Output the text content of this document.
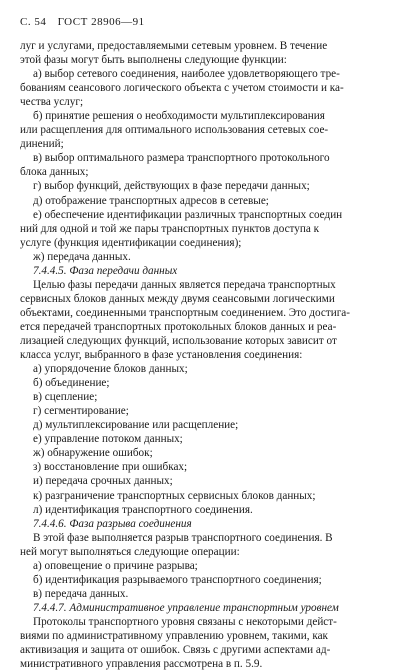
С. 54 ГОСТ 28906—91
луг и услугами, предоставляемыми сетевым уровнем. В течение
этой фазы могут быть выполнены следующие функции:
а) выбор сетевого соединения, наиболее удовлетворяющего тре-
бованиям сеансового логического объекта с учетом стоимости и ка-
чества услуг;
б) принятие решения о необходимости мультиплексирования
или расщепления для оптимального использования сетевых сое-
динений;
в) выбор оптимального размера транспортного протокольного
блока данных;
г) выбор функций, действующих в фазе передачи данных;
д) отображение транспортных адресов в сетевые;
е) обеспечение идентификации различных транспортных соедин
ний для одной и той же пары транспортных пунктов доступа к
услуге (функция идентификации соединения);
ж) передача данных.
7.4.4.5. Фаза передачи данных
Целью фазы передачи данных является передача транспортных
сервисных блоков данных между двумя сеансовыми логическими
объектами, соединенными транспортным соединением. Это достига-
ется передачей транспортных протокольных блоков данных и реа-
лизацией следующих функций, использование которых зависит от
класса услуг, выбранного в фазе установления соединения:
а) упорядочение блоков данных;
б) объединение;
в) сцепление;
г) сегментирование;
д) мультиплексирование или расщепление;
е) управление потоком данных;
ж) обнаружение ошибок;
з) восстановление при ошибках;
и) передача срочных данных;
к) разграничение транспортных сервисных блоков данных;
л) идентификация транспортного соединения.
7.4.4.6. Фаза разрыва соединения
В этой фазе выполняется разрыв транспортного соединения. В
ней могут выполняться следующие операции:
а) оповещение о причине разрыва;
б) идентификация разрываемого транспортного соединения;
в) передача данных.
7.4.4.7. Административное управление транспортным уровнем
Протоколы транспортного уровня связаны с некоторыми дейст-
виями по административному управлению уровнем, такими, как
активизация и защита от ошибок. Связь с другими аспектами ад-
министративного управления рассмотрена в п. 5.9.
